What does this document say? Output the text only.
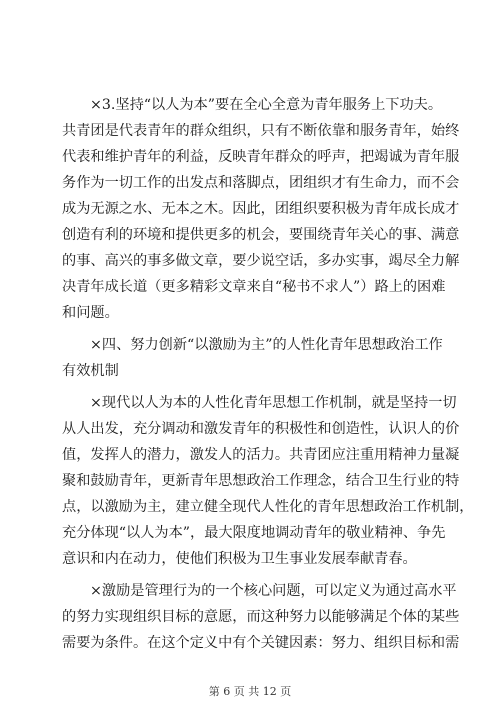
×3.坚持“以人为本”要在全心全意为青年服务上下功夫。
共青团是代表青年的群众组织，只有不断依靠和服务青年，始终
代表和维护青年的利益，反映青年群众的呼声，把竭诚为青年服
务作为一切工作的出发点和落脚点，团组织才有生命力，而不会
成为无源之水、无本之木。因此，团组织要积极为青年成长成才
创造有利的环境和提供更多的机会，要围绕青年关心的事、满意
的事、高兴的事多做文章，要少说空话，多办实事，竭尽全力解
决青年成长道（更多精彩文章来自“秘书不求人”）路上的困难
和问题。
×四、努力创新“以激励为主”的人性化青年思想政治工作
有效机制
×现代以人为本的人性化青年思想工作机制，就是坚持一切
从人出发，充分调动和激发青年的积极性和创造性，认识人的价
值，发挥人的潜力，激发人的活力。共青团应注重用精神力量凝
聚和鼓励青年，更新青年思想政治工作理念，结合卫生行业的特
点，以激励为主，建立健全现代人性化的青年思想政治工作机制，
充分体现“以人为本”，最大限度地调动青年的敬业精神、争先
意识和内在动力，使他们积极为卫生事业发展奉献青春。
×激励是管理行为的一个核心问题，可以定义为通过高水平
的努力实现组织目标的意愿，而这种努力以能够满足个体的某些
需要为条件。在这个定义中有个关键因素：努力、组织目标和需
第 6 页 共 12 页
